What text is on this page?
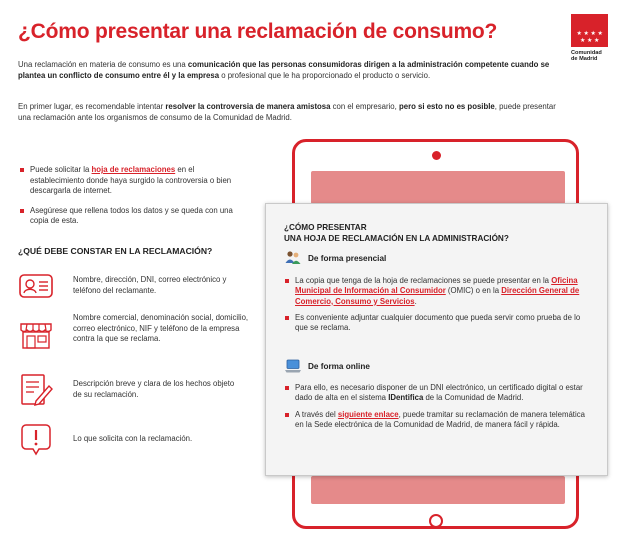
¿Cómo presentar una reclamación de consumo?	★ ★ ★ ★
★ ★ ★
Comunidad
de Madrid

Una reclamación en materia de consumo es una comunicación que las personas consumidoras dirigen a la administración competente cuando se plantea un conflicto de consumo entre él y la empresa o profesional que le ha proporcionado el producto o servicio.

En primer lugar, es recomendable intentar resolver la controversia de manera amistosa con el empresario, pero si esto no es posible, puede presentar una reclamación ante los organismos de consumo de la Comunidad de Madrid.

Puede solicitar la hoja de reclamaciones en el establecimiento donde haya surgido la controversia o bien descargarla de internet.
Asegúrese que rellena todos los datos y se queda con una copia de esta.
¿QUÉ DEBE CONSTAR EN LA RECLAMACIÓN?
Nombre, dirección, DNI, correo electrónico y teléfono del reclamante.
Nombre comercial, denominación social, domicilio, correo electrónico, NIF y teléfono de la empresa contra la que se reclama.
Descripción breve y clara de los hechos objeto de su reclamación.
Lo que solicita con la reclamación.
¿CÓMO PRESENTAR
UNA HOJA DE RECLAMACIÓN EN LA ADMINISTRACIÓN?
De forma presencial
La copia que tenga de la hoja de reclamaciones se puede presentar en la Oficina Municipal de Información al Consumidor (OMIC) o en la Dirección General de Comercio, Consumo y Servicios.
Es conveniente adjuntar cualquier documento que pueda servir como prueba de lo que se reclama.
De forma online
Para ello, es necesario disponer de un DNI electrónico, un certificado digital o estar dado de alta en el sistema IDentifica de la Comunidad de Madrid.
A través del siguiente enlace, puede tramitar su reclamación de manera telemática en la Sede electrónica de la Comunidad de Madrid, de manera fácil y rápida.
